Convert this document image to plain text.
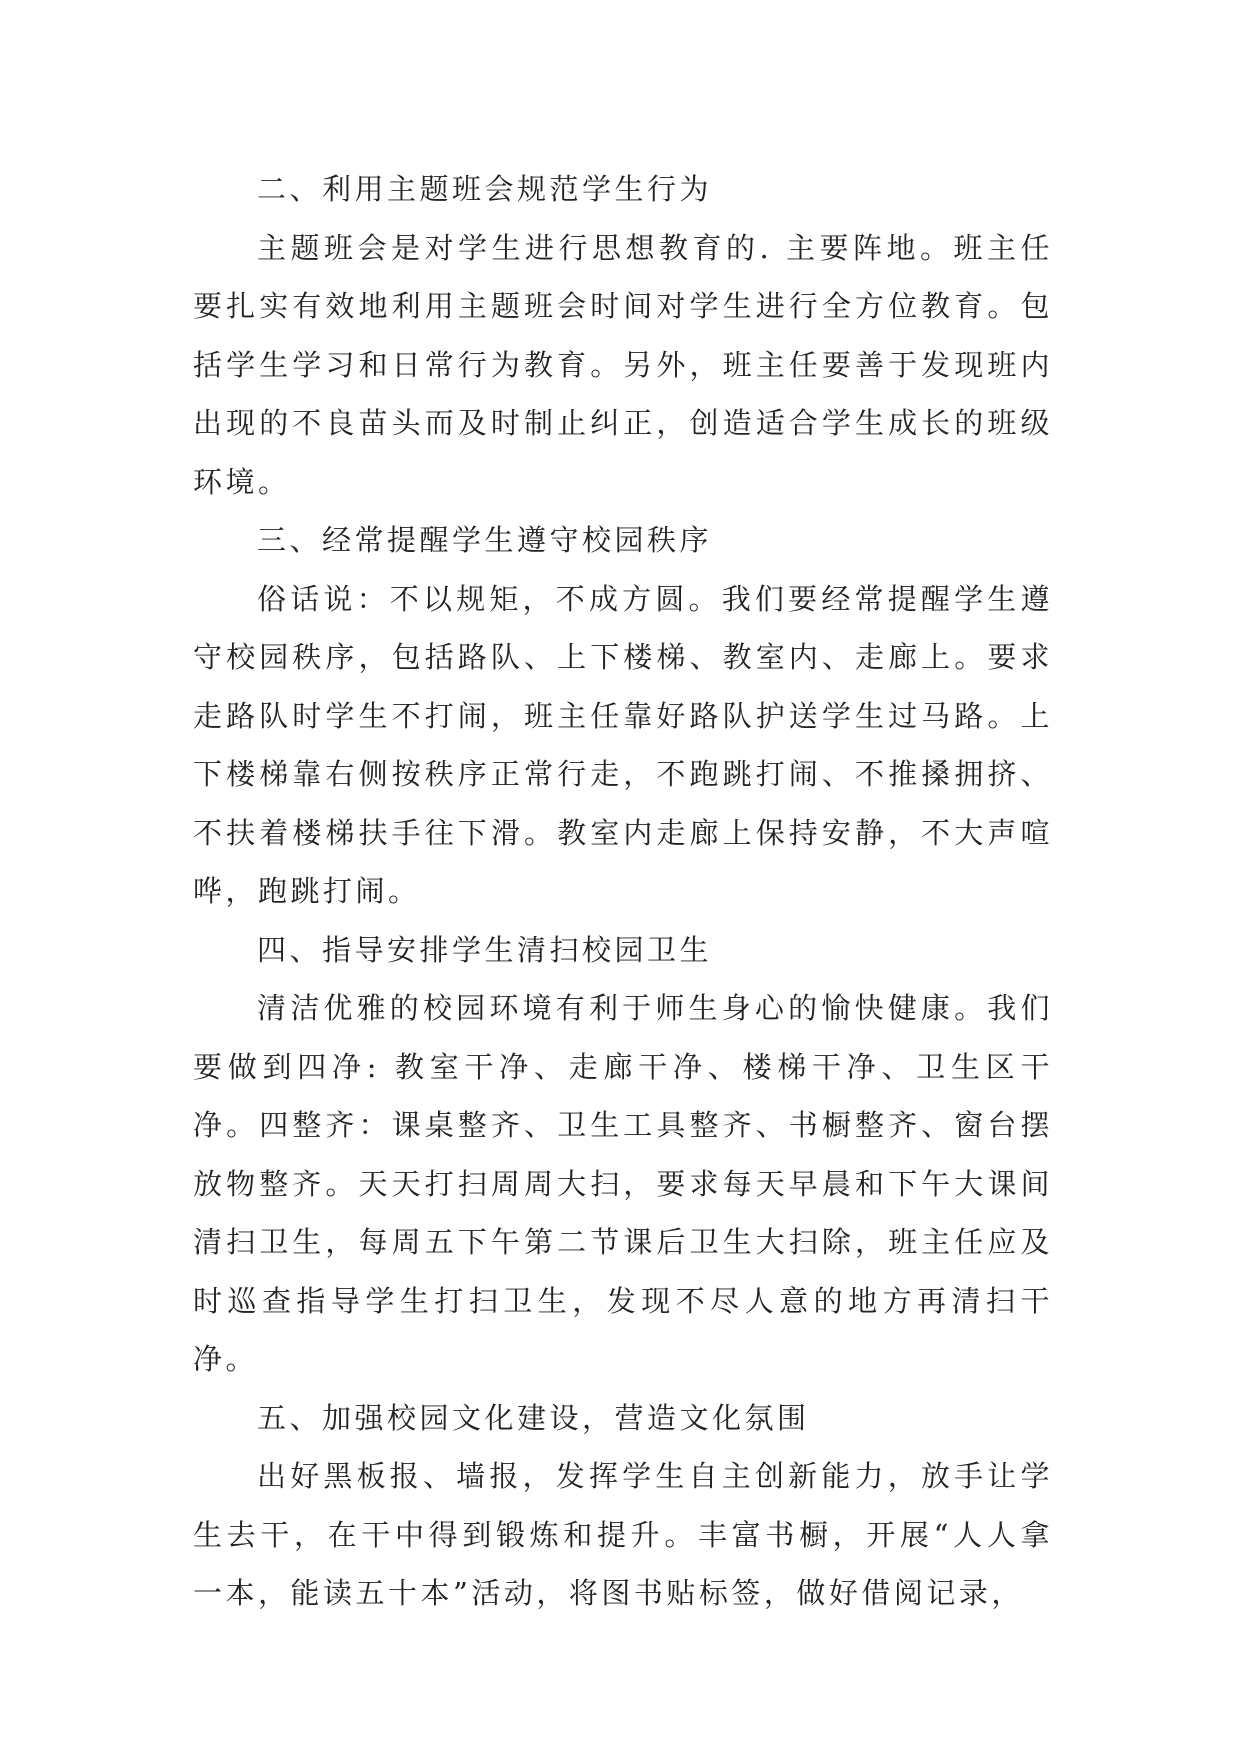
二、利用主题班会规范学生行为

主题班会是对学生进行思想教育的. 主要阵地。班主任要扎实有效地利用主题班会时间对学生进行全方位教育。包括学生学习和日常行为教育。另外，班主任要善于发现班内出现的不良苗头而及时制止纠正，创造适合学生成长的班级环境。

三、经常提醒学生遵守校园秩序

俗话说：不以规矩，不成方圆。我们要经常提醒学生遵守校园秩序，包括路队、上下楼梯、教室内、走廊上。要求走路队时学生不打闹，班主任靠好路队护送学生过马路。上下楼梯靠右侧按秩序正常行走，不跑跳打闹、不推搡拥挤、不扶着楼梯扶手往下滑。教室内走廊上保持安静，不大声喧哗，跑跳打闹。

四、指导安排学生清扫校园卫生

清洁优雅的校园环境有利于师生身心的愉快健康。我们要做到四净: 教室干净、走廊干净、楼梯干净、卫生区干净。四整齐：课桌整齐、卫生工具整齐、书橱整齐、窗台摆放物整齐。天天打扫周周大扫，要求每天早晨和下午大课间清扫卫生，每周五下午第二节课后卫生大扫除，班主任应及时巡查指导学生打扫卫生，发现不尽人意的地方再清扫干净。

五、加强校园文化建设，营造文化氛围

出好黑板报、墙报，发挥学生自主创新能力，放手让学生去干，在干中得到锻炼和提升。丰富书橱，开展“人人拿一本，能读五十本”活动，将图书贴标签，做好借阅记录，
